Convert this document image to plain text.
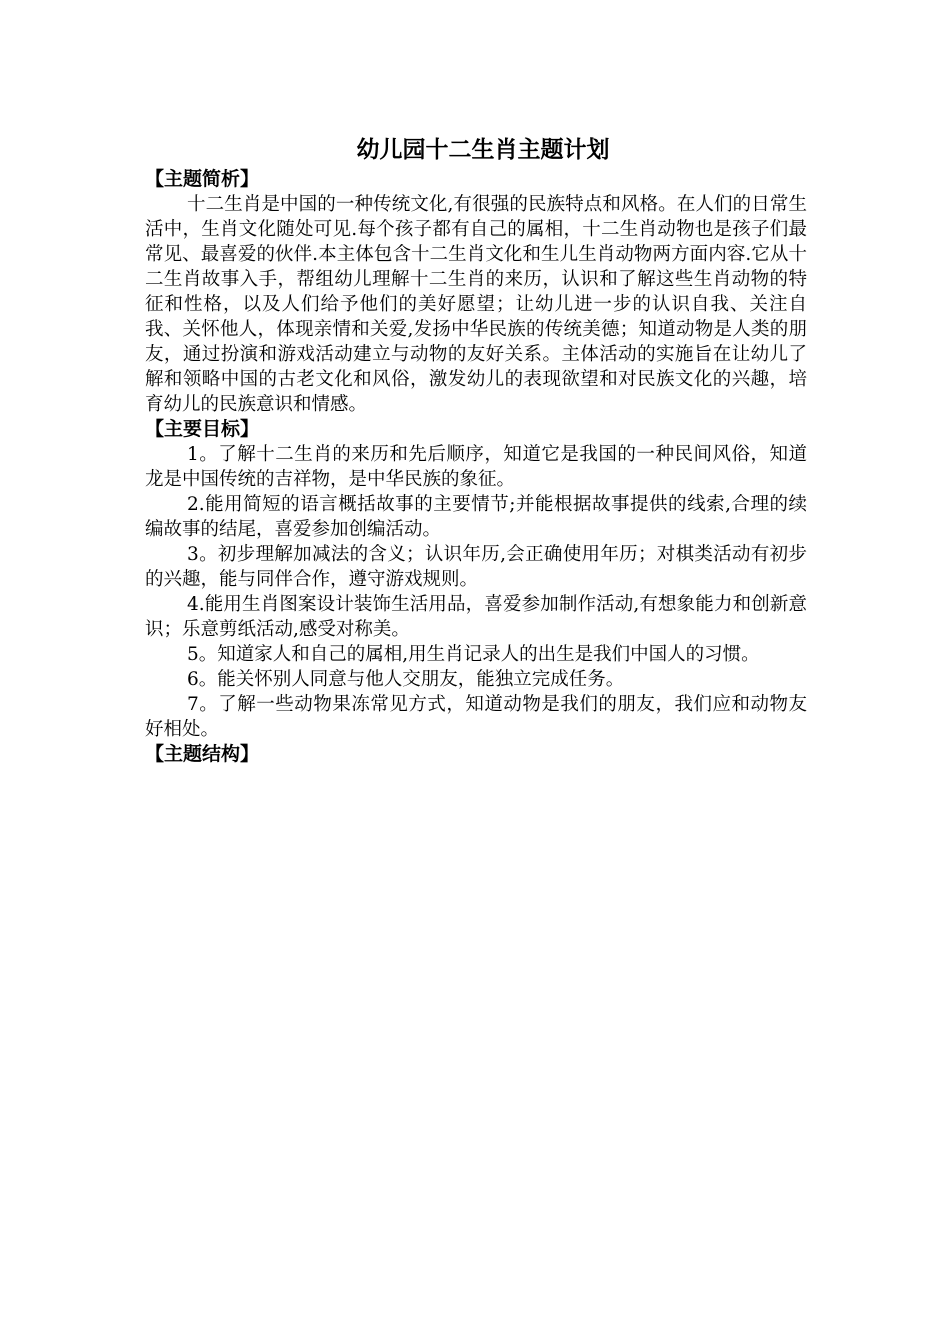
幼儿园十二生肖主题计划
【主题简析】

十二生肖是中国的一种传统文化,有很强的民族特点和风格。在人们的日常生活中，生肖文化随处可见.每个孩子都有自己的属相，十二生肖动物也是孩子们最常见、最喜爱的伙伴.本主体包含十二生肖文化和生儿生肖动物两方面内容.它从十二生肖故事入手，帮组幼儿理解十二生肖的来历，认识和了解这些生肖动物的特征和性格，以及人们给予他们的美好愿望；让幼儿进一步的认识自我、关注自我、关怀他人，体现亲情和关爱,发扬中华民族的传统美德；知道动物是人类的朋友，通过扮演和游戏活动建立与动物的友好关系。主体活动的实施旨在让幼儿了解和领略中国的古老文化和风俗，激发幼儿的表现欲望和对民族文化的兴趣，培育幼儿的民族意识和情感。

【主要目标】

1。了解十二生肖的来历和先后顺序，知道它是我国的一种民间风俗，知道龙是中国传统的吉祥物，是中华民族的象征。

2.能用简短的语言概括故事的主要情节;并能根据故事提供的线索,合理的续编故事的结尾，喜爱参加创编活动。

3。初步理解加减法的含义；认识年历,会正确使用年历；对棋类活动有初步的兴趣，能与同伴合作，遵守游戏规则。

4.能用生肖图案设计装饰生活用品，喜爱参加制作活动,有想象能力和创新意识；乐意剪纸活动,感受对称美。

5。知道家人和自己的属相,用生肖记录人的出生是我们中国人的习惯。

6。能关怀别人同意与他人交朋友，能独立完成任务。

7。了解一些动物果冻常见方式，知道动物是我们的朋友，我们应和动物友好相处。

【主题结构】
